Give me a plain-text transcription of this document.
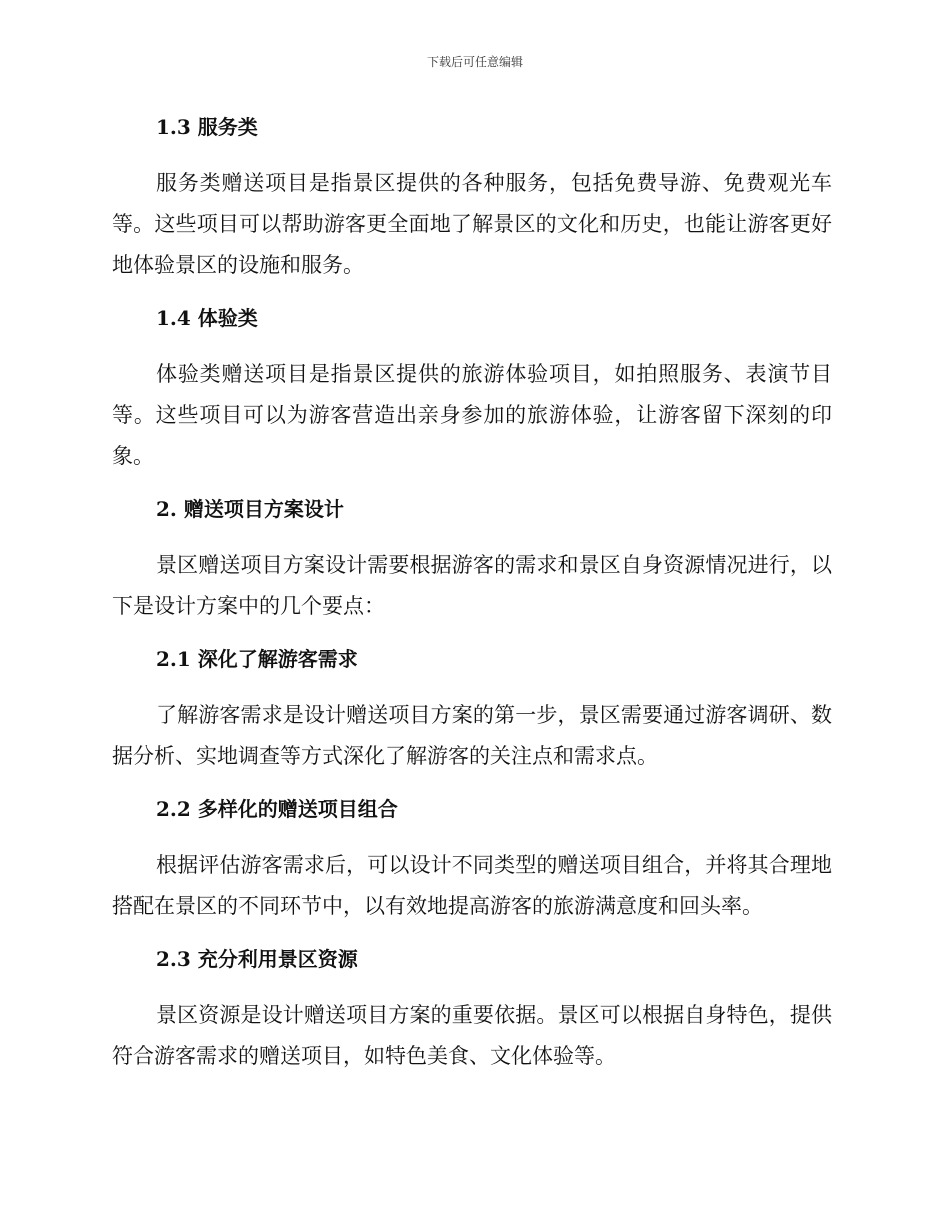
下载后可任意编辑
1.3 服务类

服务类赠送项目是指景区提供的各种服务，包括免费导游、免费观光车等。这些项目可以帮助游客更全面地了解景区的文化和历史，也能让游客更好地体验景区的设施和服务。

1.4 体验类

体验类赠送项目是指景区提供的旅游体验项目，如拍照服务、表演节目等。这些项目可以为游客营造出亲身参加的旅游体验，让游客留下深刻的印象。

2. 赠送项目方案设计

景区赠送项目方案设计需要根据游客的需求和景区自身资源情况进行，以下是设计方案中的几个要点：

2.1 深化了解游客需求

了解游客需求是设计赠送项目方案的第一步，景区需要通过游客调研、数据分析、实地调查等方式深化了解游客的关注点和需求点。

2.2 多样化的赠送项目组合

根据评估游客需求后，可以设计不同类型的赠送项目组合，并将其合理地搭配在景区的不同环节中，以有效地提高游客的旅游满意度和回头率。

2.3 充分利用景区资源

景区资源是设计赠送项目方案的重要依据。景区可以根据自身特色，提供符合游客需求的赠送项目，如特色美食、文化体验等。
